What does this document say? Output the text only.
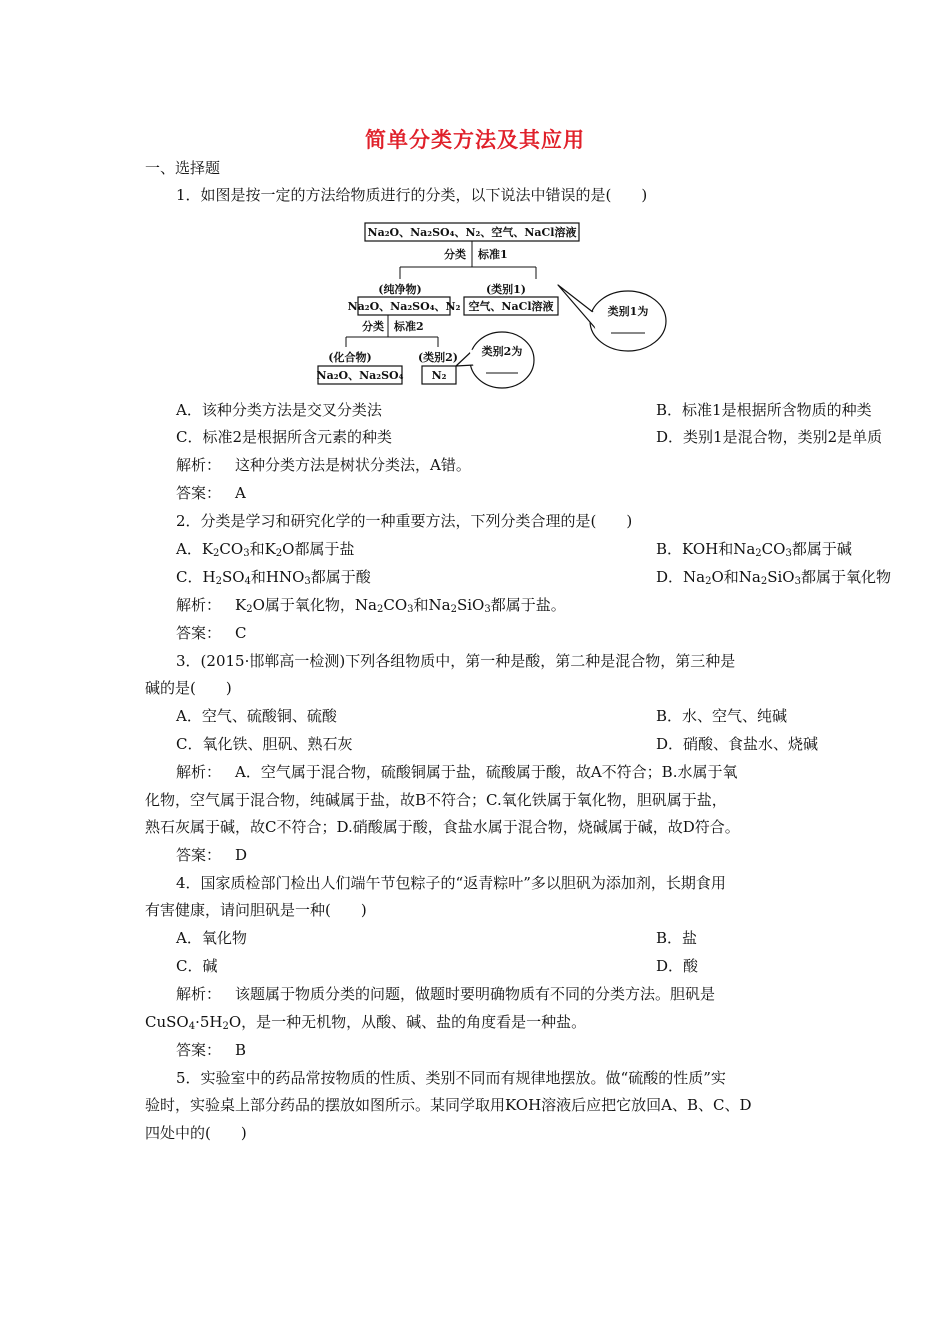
简单分类方法及其应用
一、选择题
1．如图是按一定的方法给物质进行的分类，以下说法中错误的是(　　)
Na₂O、Na₂SO₄、N₂、空气、NaCl溶液
分类 标准1
(纯净物)
Na₂O、Na₂SO₄、N₂
(类别1)
空气、NaCl溶液	类别1为
分类 标准2
(化合物)
Na₂O、Na₂SO₄
(类别2)
N₂
类别2为
A．该种分类方法是交叉分类法	B．标准1是根据所含物质的种类
C．标准2是根据所含元素的种类	D．类别1是混合物，类别2是单质
解析： 这种分类方法是树状分类法，A错。
答案： A
2．分类是学习和研究化学的一种重要方法，下列分类合理的是(　　)
A．$K_2CO_3$和$K_2O$都属于盐	B．KOH和$Na_2CO_3$都属于碱
C．$H_2SO_4$和$HNO_3$都属于酸	D．$Na_2O$和$Na_2SiO_3$都属于氧化物
解析： $K_2O$属于氧化物，$Na_2CO_3$和$Na_2SiO_3$都属于盐。
答案： C
3．(2015·邯郸高一检测)下列各组物质中，第一种是酸，第二种是混合物，第三种是
碱的是(　　)
A．空气、硫酸铜、硫酸	B．水、空气、纯碱
C．氧化铁、胆矾、熟石灰	D．硝酸、食盐水、烧碱
解析： A．空气属于混合物，硫酸铜属于盐，硫酸属于酸，故A不符合；B.水属于氧
化物，空气属于混合物，纯碱属于盐，故B不符合；C.氧化铁属于氧化物，胆矾属于盐，
熟石灰属于碱，故C不符合；D.硝酸属于酸，食盐水属于混合物，烧碱属于碱，故D符合。
答案： D
4．国家质检部门检出人们端午节包粽子的“返青粽叶”多以胆矾为添加剂，长期食用
有害健康，请问胆矾是一种(　　)
A．氧化物	B．盐
C．碱	D．酸
解析： 该题属于物质分类的问题，做题时要明确物质有不同的分类方法。胆矾是
$CuSO_4\cdot 5H_2O$，是一种无机物，从酸、碱、盐的角度看是一种盐。
答案： B
5．实验室中的药品常按物质的性质、类别不同而有规律地摆放。做“硫酸的性质”实
验时，实验桌上部分药品的摆放如图所示。某同学取用KOH溶液后应把它放回A、B、C、D
四处中的(　　)
